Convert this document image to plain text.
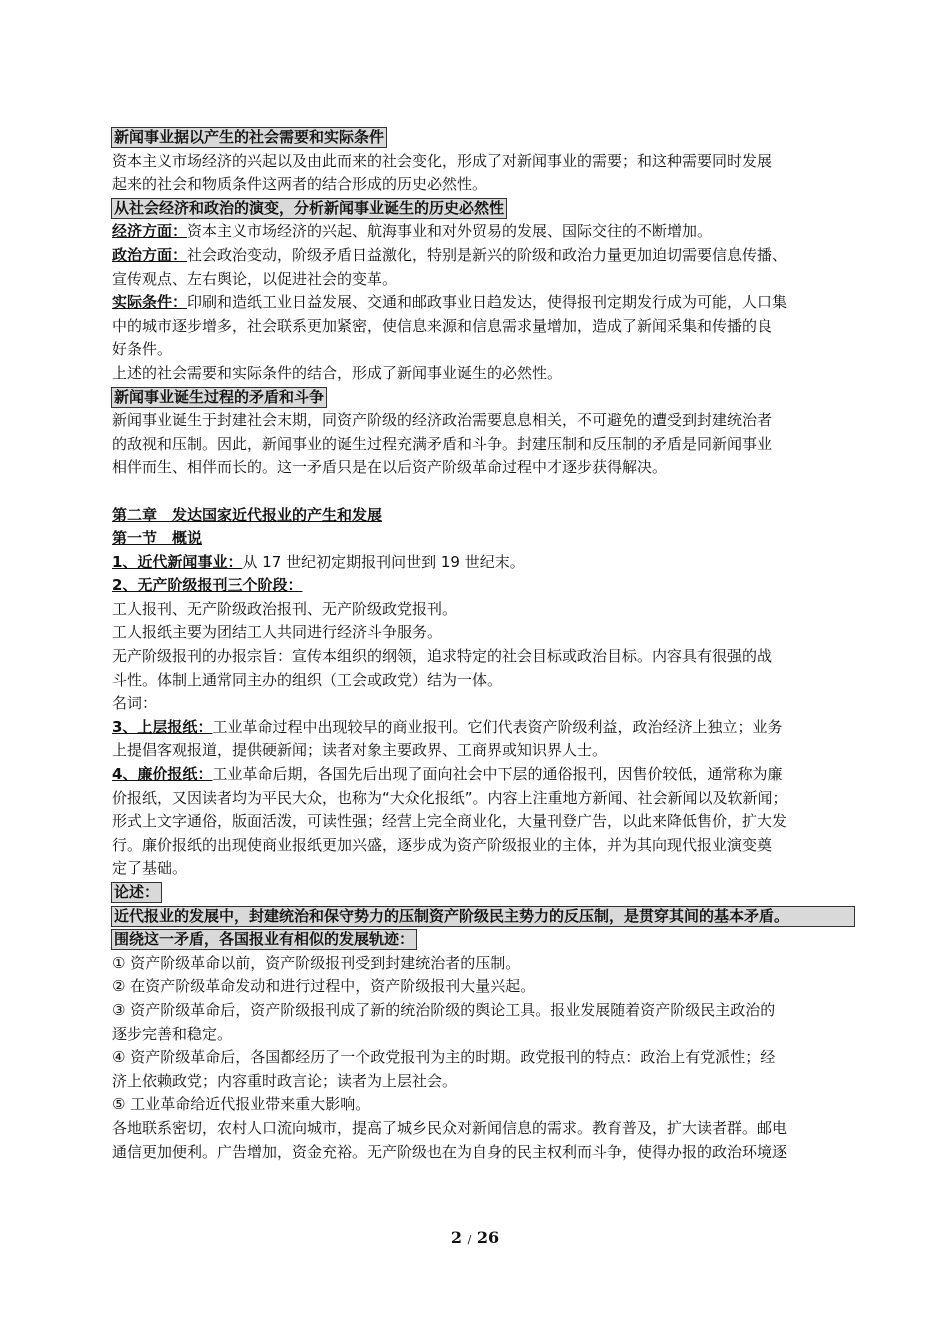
新闻事业据以产生的社会需要和实际条件
资本主义市场经济的兴起以及由此而来的社会变化，形成了对新闻事业的需要；和这种需要同时发展
起来的社会和物质条件这两者的结合形成的历史必然性。
从社会经济和政治的演变，分析新闻事业诞生的历史必然性
经济方面：资本主义市场经济的兴起、航海事业和对外贸易的发展、国际交往的不断增加。
政治方面：社会政治变动，阶级矛盾日益激化，特别是新兴的阶级和政治力量更加迫切需要信息传播、
宣传观点、左右舆论，以促进社会的变革。
实际条件：印刷和造纸工业日益发展、交通和邮政事业日趋发达，使得报刊定期发行成为可能，人口集
中的城市逐步增多，社会联系更加紧密，使信息来源和信息需求量增加，造成了新闻采集和传播的良
好条件。
上述的社会需要和实际条件的结合，形成了新闻事业诞生的必然性。
新闻事业诞生过程的矛盾和斗争
新闻事业诞生于封建社会末期，同资产阶级的经济政治需要息息相关，不可避免的遭受到封建统治者
的敌视和压制。因此，新闻事业的诞生过程充满矛盾和斗争。封建压制和反压制的矛盾是同新闻事业
相伴而生、相伴而长的。这一矛盾只是在以后资产阶级革命过程中才逐步获得解决。
第二章　发达国家近代报业的产生和发展
第一节　概说
1、近代新闻事业：从 17 世纪初定期报刊问世到 19 世纪末。
2、无产阶级报刊三个阶段：
工人报刊、无产阶级政治报刊、无产阶级政党报刊。
工人报纸主要为团结工人共同进行经济斗争服务。
无产阶级报刊的办报宗旨：宣传本组织的纲领，追求特定的社会目标或政治目标。内容具有很强的战
斗性。体制上通常同主办的组织（工会或政党）结为一体。
名词：
3、上层报纸：工业革命过程中出现较早的商业报刊。它们代表资产阶级利益，政治经济上独立；业务
上提倡客观报道，提供硬新闻；读者对象主要政界、工商界或知识界人士。
4、廉价报纸：工业革命后期，各国先后出现了面向社会中下层的通俗报刊，因售价较低，通常称为廉
价报纸，又因读者均为平民大众，也称为“大众化报纸”。内容上注重地方新闻、社会新闻以及软新闻；
形式上文字通俗，版面活泼，可读性强；经营上完全商业化，大量刊登广告，以此来降低售价，扩大发
行。廉价报纸的出现使商业报纸更加兴盛，逐步成为资产阶级报业的主体，并为其向现代报业演变奠
定了基础。
论述：
近代报业的发展中，封建统治和保守势力的压制资产阶级民主势力的反压制，是贯穿其间的基本矛盾。
围绕这一矛盾，各国报业有相似的发展轨迹：
① 资产阶级革命以前，资产阶级报刊受到封建统治者的压制。
② 在资产阶级革命发动和进行过程中，资产阶级报刊大量兴起。
③ 资产阶级革命后，资产阶级报刊成了新的统治阶级的舆论工具。报业发展随着资产阶级民主政治的
逐步完善和稳定。
④ 资产阶级革命后，各国都经历了一个政党报刊为主的时期。政党报刊的特点：政治上有党派性；经
济上依赖政党；内容重时政言论；读者为上层社会。
⑤ 工业革命给近代报业带来重大影响。
各地联系密切，农村人口流向城市，提高了城乡民众对新闻信息的需求。教育普及，扩大读者群。邮电
通信更加便利。广告增加，资金充裕。无产阶级也在为自身的民主权利而斗争，使得办报的政治环境逐
2 / 26
